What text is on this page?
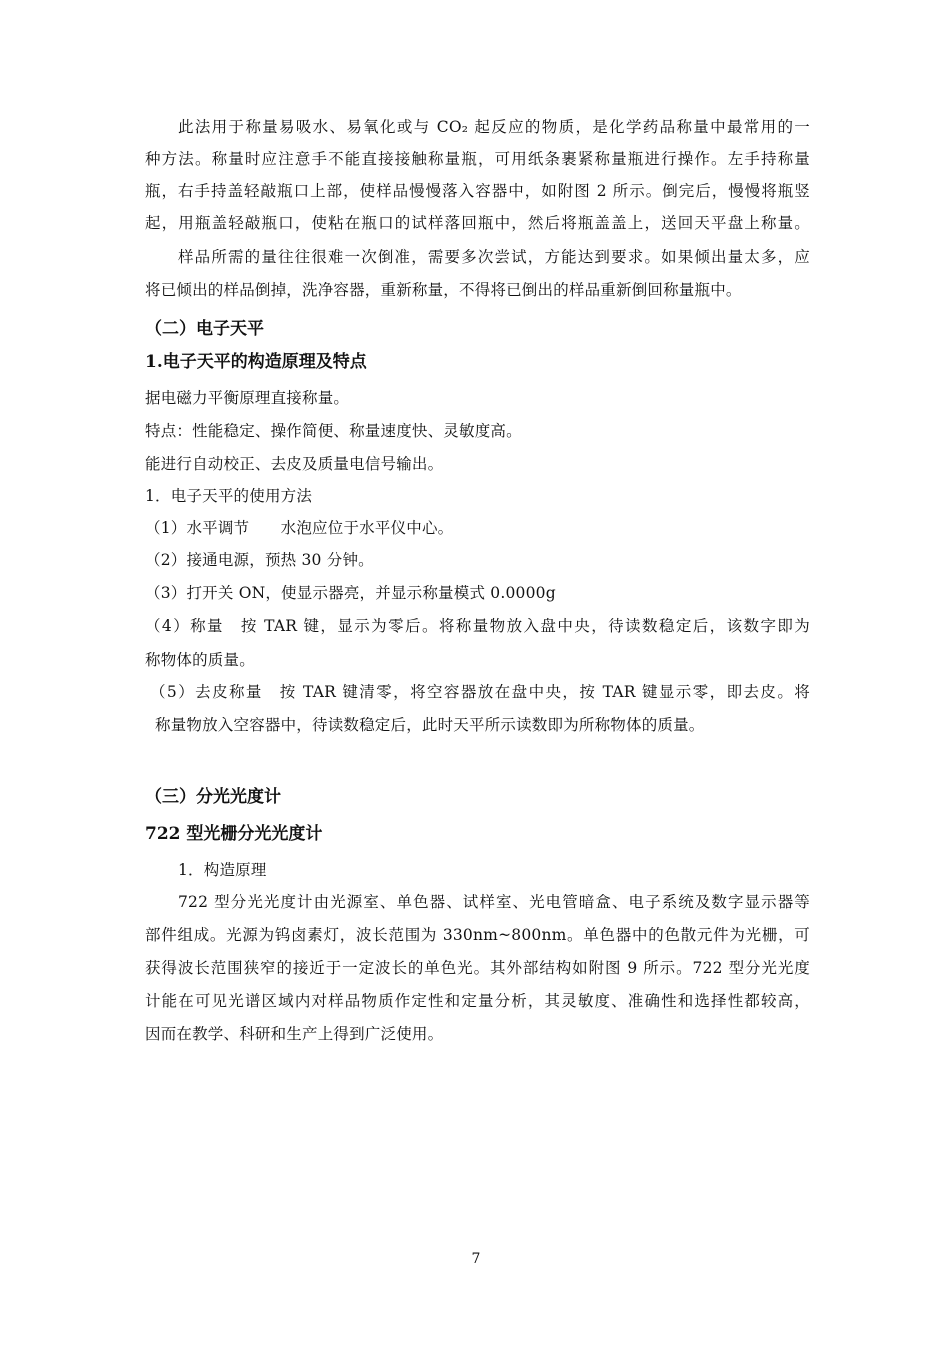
此法用于称量易吸水、易氧化或与 CO₂ 起反应的物质，是化学药品称量中最常用的一
种方法。称量时应注意手不能直接接触称量瓶，可用纸条裹紧称量瓶进行操作。左手持称量
瓶，右手持盖轻敲瓶口上部，使样品慢慢落入容器中，如附图 2 所示。倒完后，慢慢将瓶竖
起，用瓶盖轻敲瓶口，使粘在瓶口的试样落回瓶中，然后将瓶盖盖上，送回天平盘上称量。
样品所需的量往往很难一次倒准，需要多次尝试，方能达到要求。如果倾出量太多，应
将已倾出的样品倒掉，洗净容器，重新称量，不得将已倒出的样品重新倒回称量瓶中。
（二）电子天平
1.电子天平的构造原理及特点
据电磁力平衡原理直接称量。
特点：性能稳定、操作简便、称量速度快、灵敏度高。
能进行自动校正、去皮及质量电信号输出。
1．电子天平的使用方法
（1）水平调节　　水泡应位于水平仪中心。
（2）接通电源，预热 30 分钟。
（3）打开关 ON，使显示器亮，并显示称量模式 0.0000g
（4）称量　按 TAR 键，显示为零后。将称量物放入盘中央，待读数稳定后，该数字即为
称物体的质量。
（5）去皮称量　按 TAR 键清零，将空容器放在盘中央，按 TAR 键显示零，即去皮。将
称量物放入空容器中，待读数稳定后，此时天平所示读数即为所称物体的质量。
（三）分光光度计
722 型光栅分光光度计
1．构造原理
722 型分光光度计由光源室、单色器、试样室、光电管暗盒、电子系统及数字显示器等
部件组成。光源为钨卤素灯，波长范围为 330nm~800nm。单色器中的色散元件为光栅，可
获得波长范围狭窄的接近于一定波长的单色光。其外部结构如附图 9 所示。722 型分光光度
计能在可见光谱区域内对样品物质作定性和定量分析，其灵敏度、准确性和选择性都较高，
因而在教学、科研和生产上得到广泛使用。
7
